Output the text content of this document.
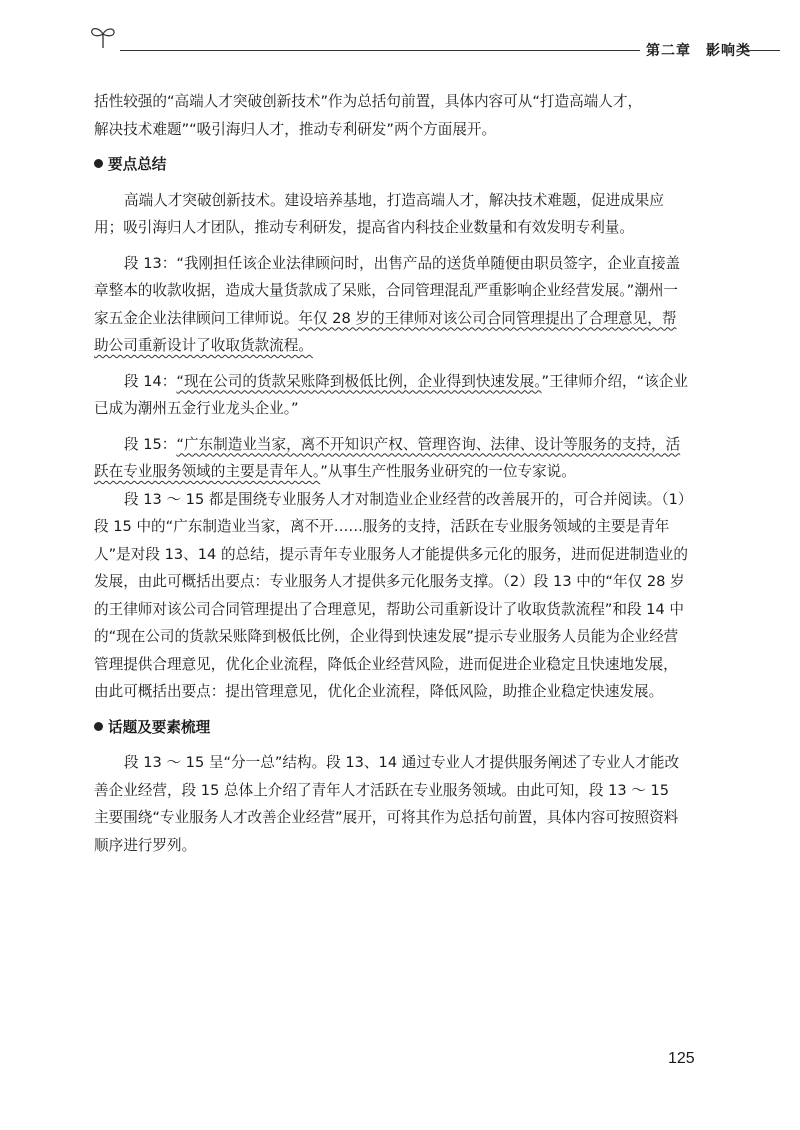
第二章　影响类

括性较强的“高端人才突破创新技术”作为总括句前置，具体内容可从“打造高端人才，

解决技术难题”“吸引海归人才，推动专利研发”两个方面展开。

要点总结

高端人才突破创新技术。建设培养基地，打造高端人才，解决技术难题，促进成果应用；吸引海归人才团队，推动专利研发，提高省内科技企业数量和有效发明专利量。

段 13：“我刚担任该企业法律顾问时，出售产品的送货单随便由职员签字，企业直接盖章整本的收款收据，造成大量货款成了呆账，合同管理混乱严重影响企业经营发展。”潮州一家五金企业法律顾问工律师说。年仅 28 岁的王律师对该公司合同管理提出了合理意见，帮助公司重新设计了收取货款流程。

段 14：“现在公司的货款呆账降到极低比例，企业得到快速发展。”王律师介绍，“该企业已成为潮州五金行业龙头企业。”

段 15：“广东制造业当家，离不开知识产权、管理咨询、法律、设计等服务的支持，活跃在专业服务领域的主要是青年人。”从事生产性服务业研究的一位专家说。

段 13 ～ 15 都是围绕专业服务人才对制造业企业经营的改善展开的，可合并阅读。（1）段 15 中的“广东制造业当家，离不开……服务的支持，活跃在专业服务领域的主要是青年人”是对段 13、14 的总结，提示青年专业服务人才能提供多元化的服务，进而促进制造业的发展，由此可概括出要点：专业服务人才提供多元化服务支撑。（2）段 13 中的“年仅 28 岁的王律师对该公司合同管理提出了合理意见，帮助公司重新设计了收取货款流程”和段 14 中的“现在公司的货款呆账降到极低比例，企业得到快速发展”提示专业服务人员能为企业经营管理提供合理意见，优化企业流程，降低企业经营风险，进而促进企业稳定且快速地发展，由此可概括出要点：提出管理意见，优化企业流程，降低风险，助推企业稳定快速发展。

话题及要素梳理

段 13 ～ 15 呈“分一总”结构。段 13、14 通过专业人才提供服务阐述了专业人才能改善企业经营，段 15 总体上介绍了青年人才活跃在专业服务领域。由此可知，段 13 ～ 15 主要围绕“专业服务人才改善企业经营”展开，可将其作为总括句前置，具体内容可按照资料顺序进行罗列。

125
